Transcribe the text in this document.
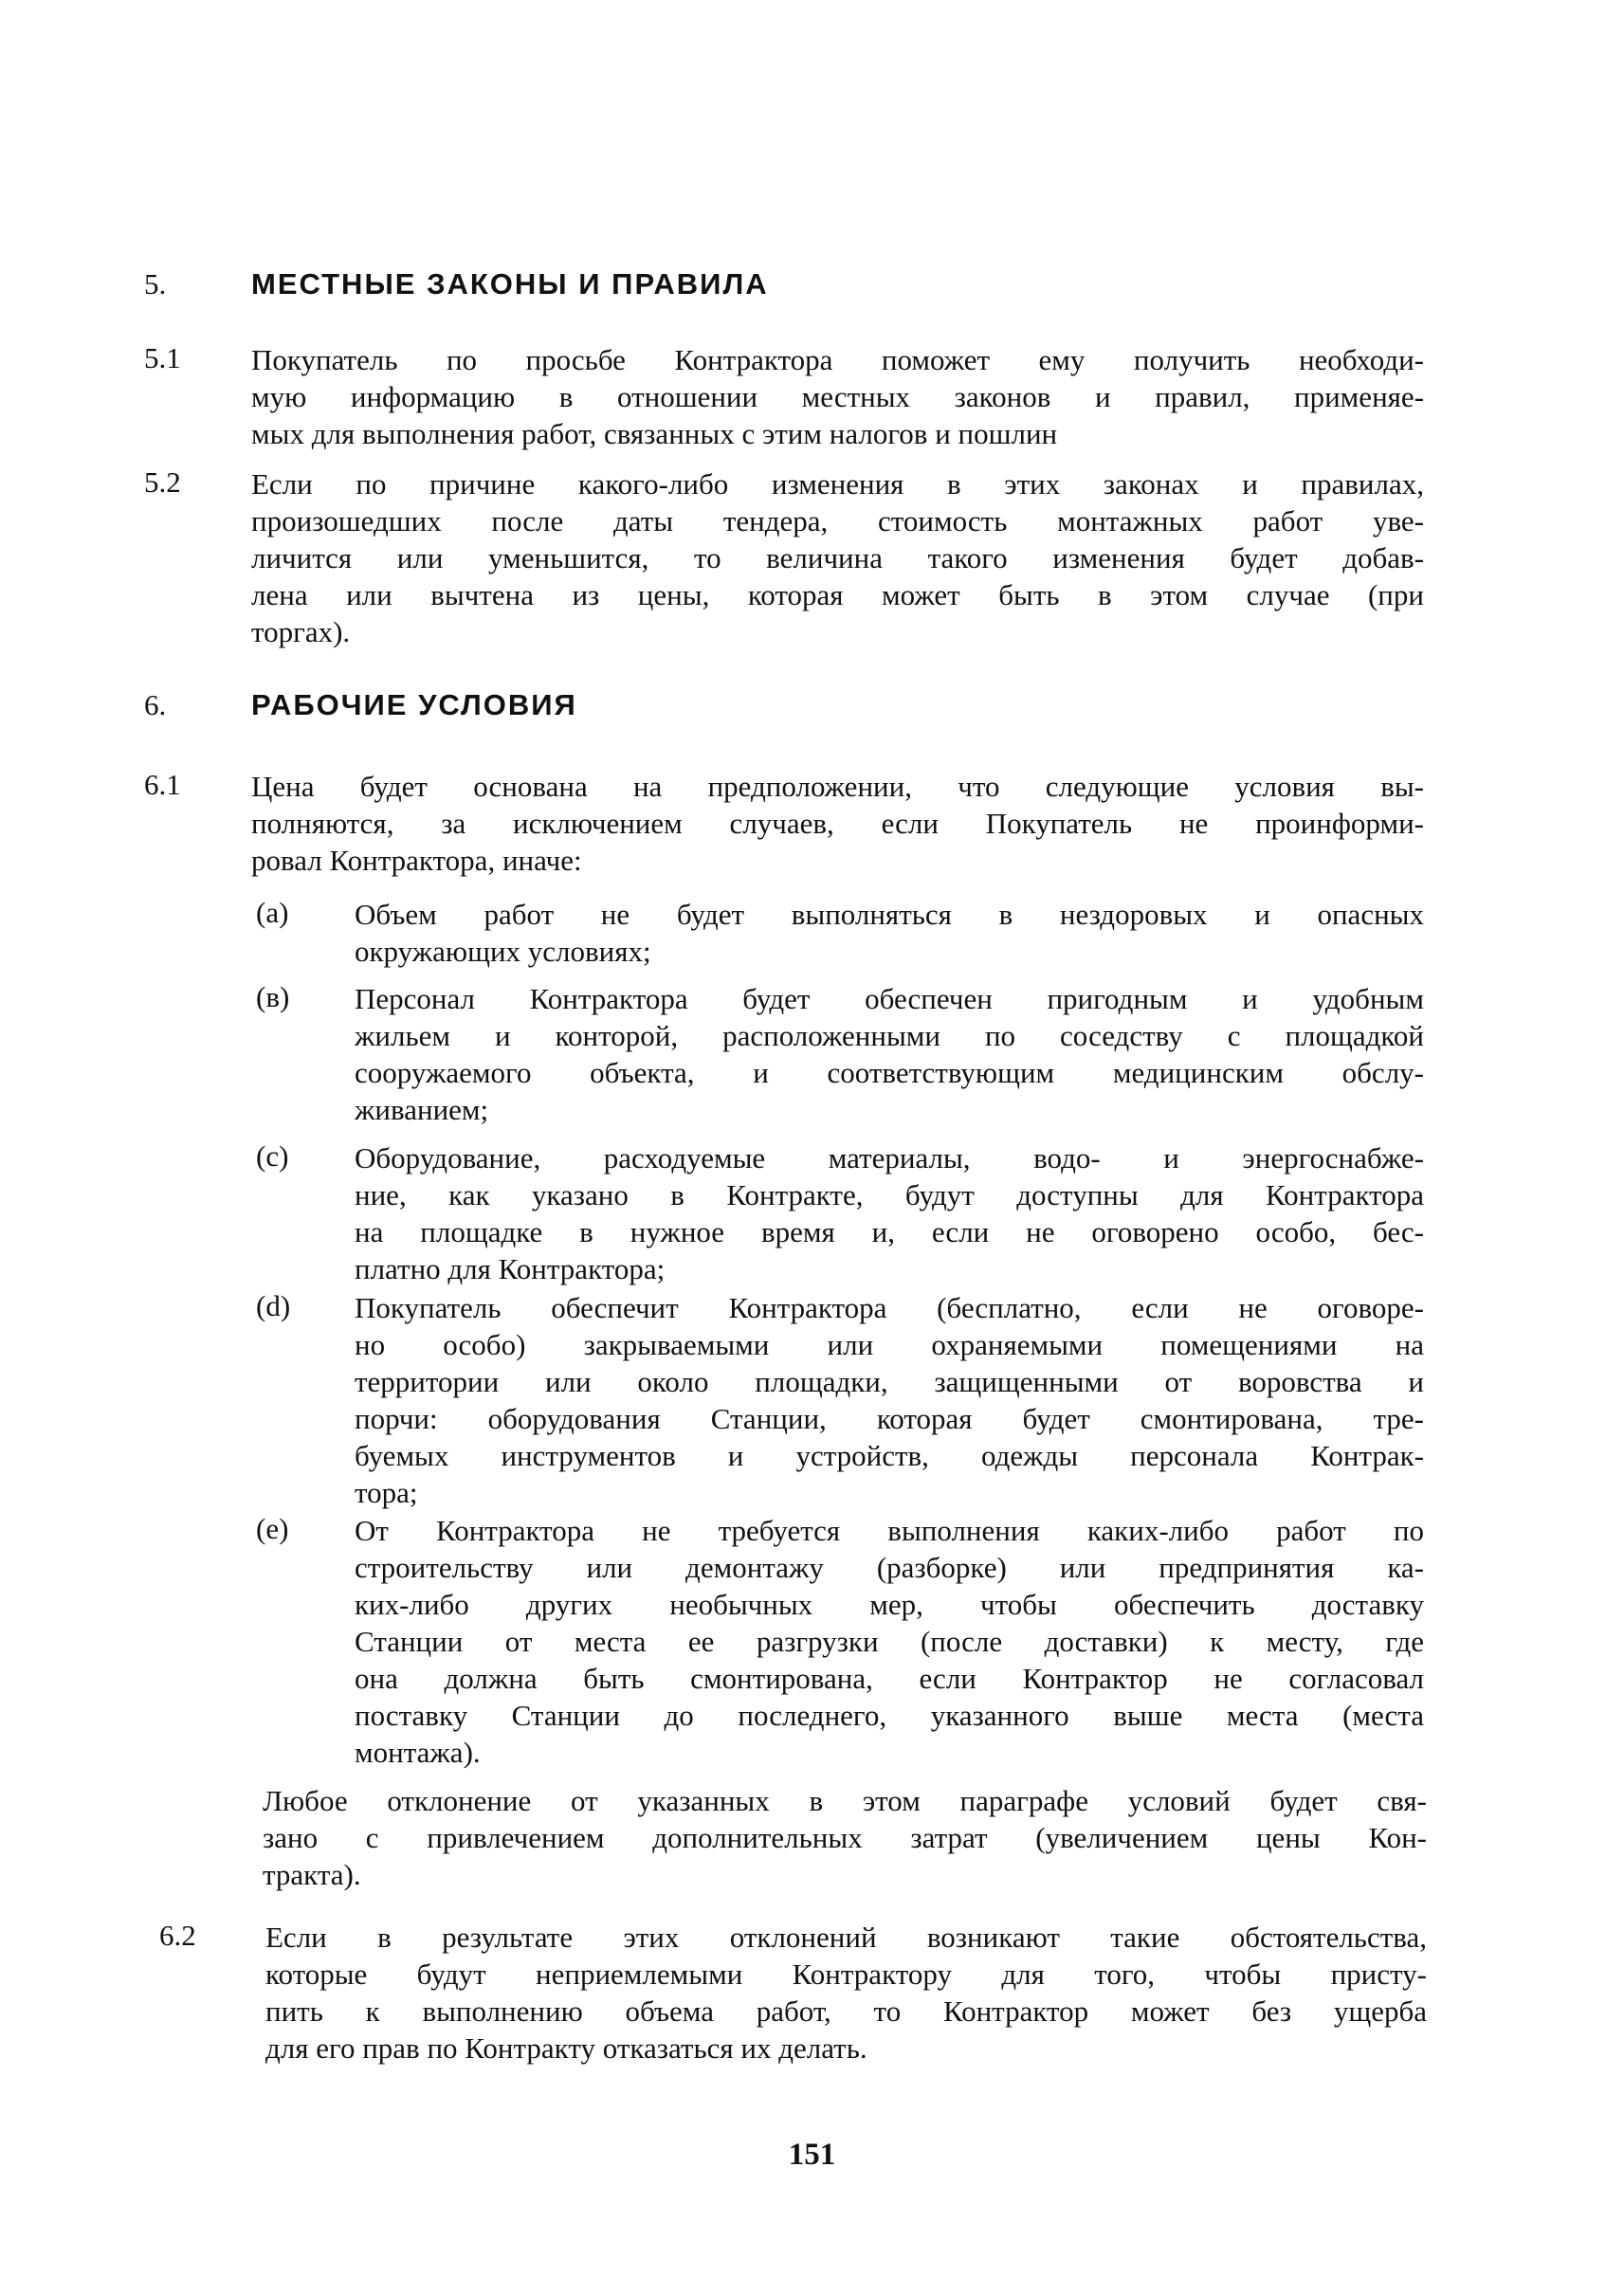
5.	МЕСТНЫЕ ЗАКОНЫ И ПРАВИЛА
5.1 Покупатель по просьбе Контрактора поможет ему получить необходи-
мую информацию в отношении местных законов и правил, применяе-
мых для выполнения работ, связанных с этим налогов и пошлин
5.2 Если по причине какого-либо изменения в этих законах и правилах,
произошедших после даты тендера, стоимость монтажных работ уве-
личится или уменьшится, то величина такого изменения будет добав-
лена или вычтена из цены, которая может быть в этом случае (при
торгах).
6.	РАБОЧИЕ УСЛОВИЯ
6.1 Цена будет основана на предположении, что следующие условия вы-
полняются, за исключением случаев, если Покупатель не проинформи-
ровал Контрактора, иначе:
(a) Объем работ не будет выполняться в нездоровых и опасных
окружающих условиях;
(в) Персонал Контрактора будет обеспечен пригодным и удобным
жильем и конторой, расположенными по соседству с площадкой
сооружаемого объекта, и соответствующим медицинским обслу-
живанием;
(c) Оборудование, расходуемые материалы, водо- и энергоснабже-
ние, как указано в Контракте, будут доступны для Контрактора
на площадке в нужное время и, если не оговорено особо, бес-
платно для Контрактора;
(d) Покупатель обеспечит Контрактора (бесплатно, если не оговоре-
но особо) закрываемыми или охраняемыми помещениями на
территории или около площадки, защищенными от воровства и
порчи: оборудования Станции, которая будет смонтирована, тре-
буемых инструментов и устройств, одежды персонала Контрак-
тора;
(e) От Контрактора не требуется выполнения каких-либо работ по
строительству или демонтажу (разборке) или предпринятия ка-
ких-либо других необычных мер, чтобы обеспечить доставку
Станции от места ее разгрузки (после доставки) к месту, где
она должна быть смонтирована, если Контрактор не согласовал
поставку Станции до последнего, указанного выше места (места
монтажа).
Любое отклонение от указанных в этом параграфе условий будет свя-
зано с привлечением дополнительных затрат (увеличением цены Кон-
тракта).
6.2 Если в результате этих отклонений возникают такие обстоятельства,
которые будут неприемлемыми Контрактору для того, чтобы присту-
пить к выполнению объема работ, то Контрактор может без ущерба
для его прав по Контракту отказаться их делать.
151
